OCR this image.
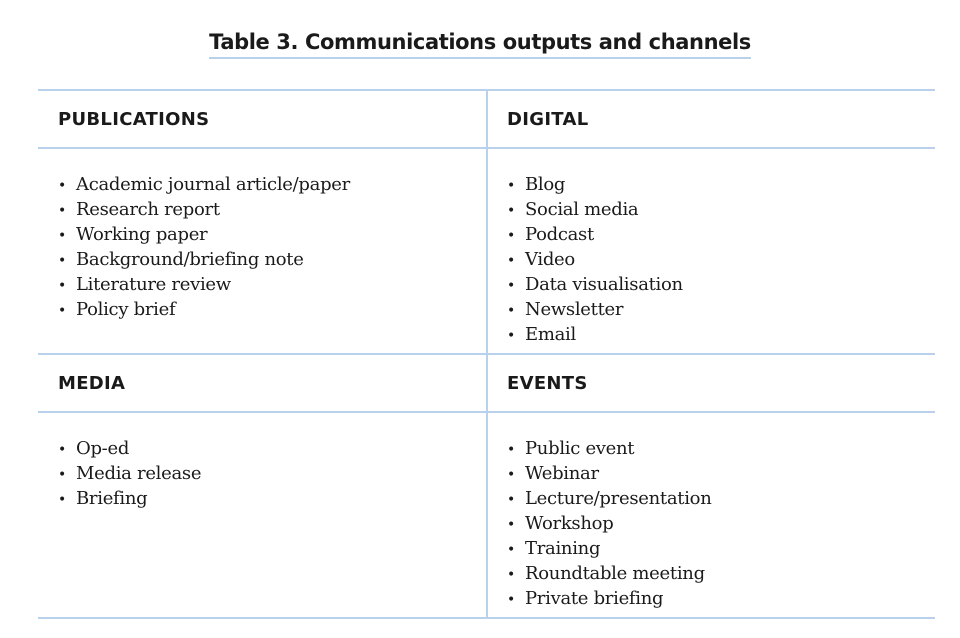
Table 3. Communications outputs and channels
PUBLICATIONS	DIGITAL
• Academic journal article/paper
• Research report
• Working paper
• Background/briefing note
• Literature review
• Policy brief
• Blog
• Social media
• Podcast
• Video
• Data visualisation
• Newsletter
• Email
MEDIA	EVENTS
• Op-ed
• Media release
• Briefing
• Public event
• Webinar
• Lecture/presentation
• Workshop
• Training
• Roundtable meeting
• Private briefing
